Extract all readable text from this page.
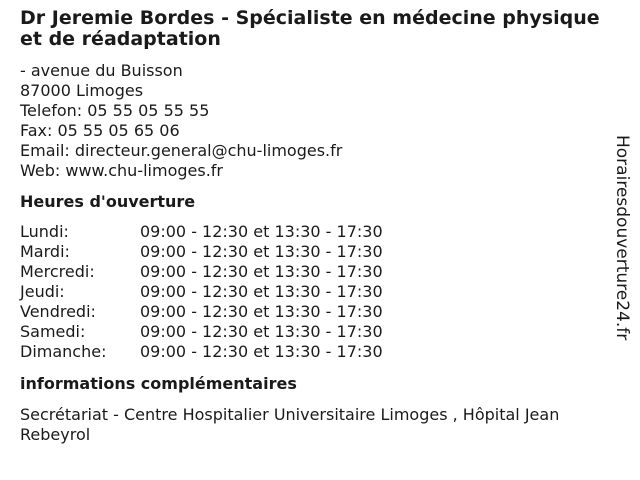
Dr Jeremie Bordes - Spécialiste en médecine physique et de réadaptation
- avenue du Buisson
87000 Limoges
Telefon: 05 55 05 55 55
Fax: 05 55 05 65 06
Email: directeur.general@chu-limoges.fr
Web: www.chu-limoges.fr
Heures d'ouverture
Lundi:	09:00 - 12:30 et 13:30 - 17:30
Mardi:	09:00 - 12:30 et 13:30 - 17:30
Mercredi:	09:00 - 12:30 et 13:30 - 17:30
Jeudi:	09:00 - 12:30 et 13:30 - 17:30
Vendredi:	09:00 - 12:30 et 13:30 - 17:30
Samedi:	09:00 - 12:30 et 13:30 - 17:30
Dimanche:	09:00 - 12:30 et 13:30 - 17:30
informations complémentaires
Secrétariat - Centre Hospitalier Universitaire Limoges , Hôpital Jean Rebeyrol
Horairesdouverture24.fr
